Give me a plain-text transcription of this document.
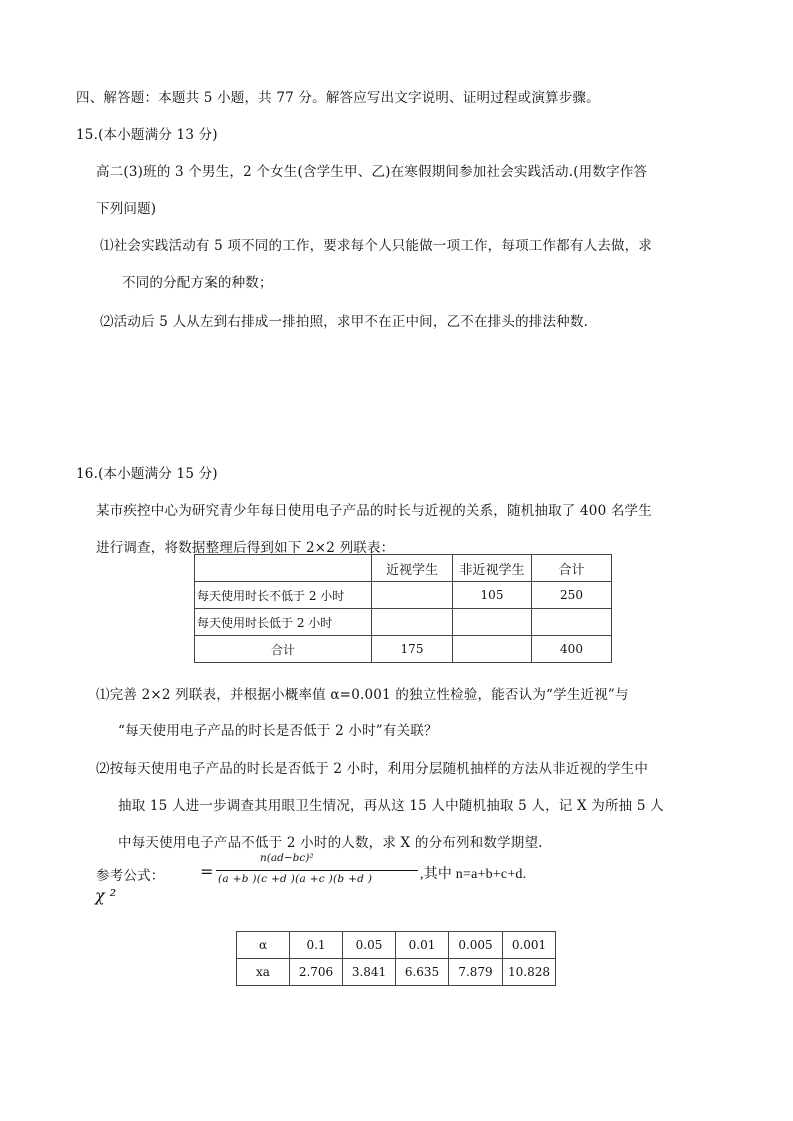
四、解答题：本题共 5 小题，共 77 分。解答应写出文字说明、证明过程或演算步骤。
15.(本小题满分 13 分)
高二(3)班的 3 个男生，2 个女生(含学生甲、乙)在寒假期间参加社会实践活动.(用数字作答
下列问题)
⑴社会实践活动有 5 项不同的工作，要求每个人只能做一项工作，每项工作都有人去做，求
不同的分配方案的种数；
⑵活动后 5 人从左到右排成一排拍照，求甲不在正中间，乙不在排头的排法种数.
16.(本小题满分 15 分)
某市疾控中心为研究青少年每日使用电子产品的时长与近视的关系，随机抽取了 400 名学生
进行调查，将数据整理后得到如下 2×2 列联表：
	近视学生	非近视学生	合计
每天使用时长不低于 2 小时		105	250
每天使用时长低于 2 小时			
合计	175		400
⑴完善 2×2 列联表，并根据小概率值 α=0.001 的独立性检验，能否认为“学生近视”与
“每天使用电子产品的时长是否低于 2 小时”有关联？
⑵按每天使用电子产品的时长是否低于 2 小时，利用分层随机抽样的方法从非近视的学生中
抽取 15 人进一步调查其用眼卫生情况，再从这 15 人中随机抽取 5 人，记 X 为所抽 5 人
中每天使用电子产品不低于 2 小时的人数，求 X 的分布列和数学期望.
参考公式： =
n(ad−bc)²
(a +b )(c +d )(a +c )(b +d )	,其中 n=a+b+c+d.
χ ²
α	0.1	0.05	0.01	0.005	0.001
xa	2.706	3.841	6.635	7.879	10.828
